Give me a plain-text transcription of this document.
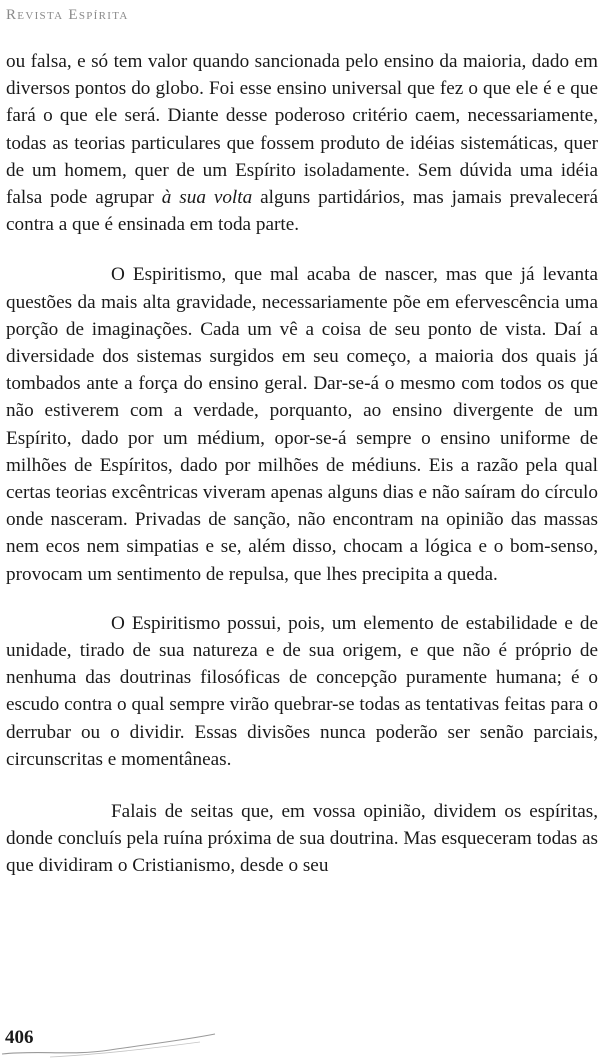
Revista Espírita

ou falsa, e só tem valor quando sancionada pelo ensino da maioria, dado em diversos pontos do globo. Foi esse ensino universal que fez o que ele é e que fará o que ele será. Diante desse poderoso critério caem, necessariamente, todas as teorias particulares que fossem produto de idéias sistemáticas, quer de um homem, quer de um Espírito isoladamente. Sem dúvida uma idéia falsa pode agrupar à sua volta alguns partidários, mas jamais prevalecerá contra a que é ensinada em toda parte.

O Espiritismo, que mal acaba de nascer, mas que já levanta questões da mais alta gravidade, necessariamente põe em efervescência uma porção de imaginações. Cada um vê a coisa de seu ponto de vista. Daí a diversidade dos sistemas surgidos em seu começo, a maioria dos quais já tombados ante a força do ensino geral. Dar-se-á o mesmo com todos os que não estiverem com a verdade, porquanto, ao ensino divergente de um Espírito, dado por um médium, opor-se-á sempre o ensino uniforme de milhões de Espíritos, dado por milhões de médiuns. Eis a razão pela qual certas teorias excêntricas viveram apenas alguns dias e não saíram do círculo onde nasceram. Privadas de sanção, não encontram na opinião das massas nem ecos nem simpatias e se, além disso, chocam a lógica e o bom-senso, provocam um sentimento de repulsa, que lhes precipita a queda.

O Espiritismo possui, pois, um elemento de estabilidade e de unidade, tirado de sua natureza e de sua origem, e que não é próprio de nenhuma das doutrinas filosóficas de concepção puramente humana; é o escudo contra o qual sempre virão quebrar-se todas as tentativas feitas para o derrubar ou o dividir. Essas divisões nunca poderão ser senão parciais, circunscritas e momentâneas.

Falais de seitas que, em vossa opinião, dividem os espíritas, donde concluís pela ruína próxima de sua doutrina. Mas esqueceram todas as que dividiram o Cristianismo, desde o seu

406
